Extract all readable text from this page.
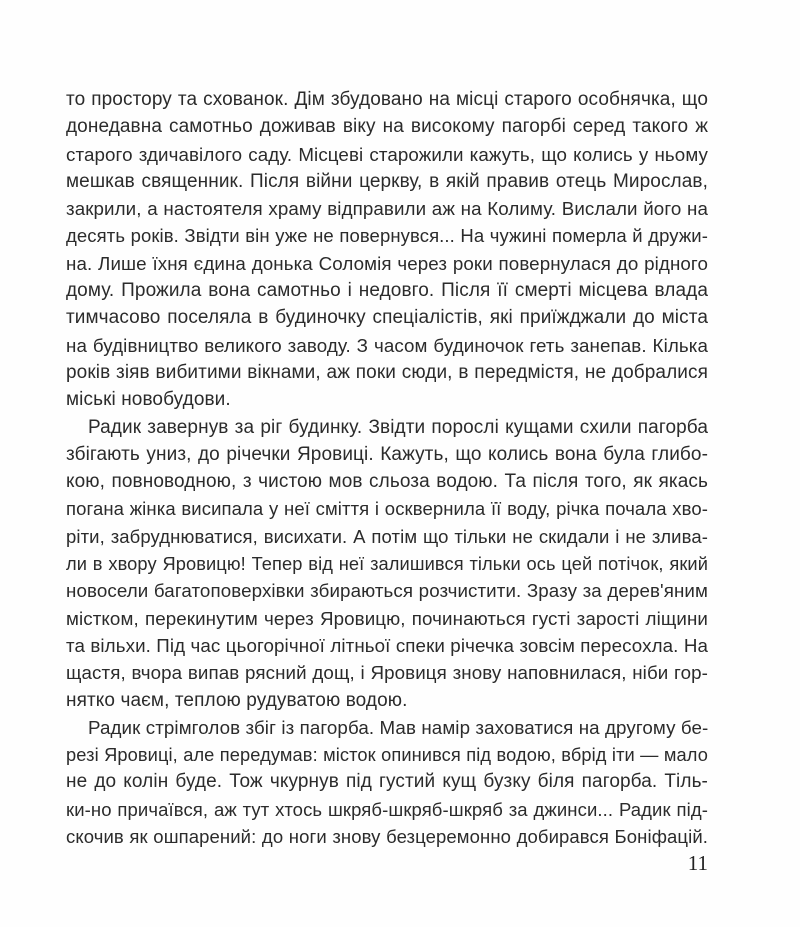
то простору та схованок. Дім збудовано на місці старого особнячка, що
донедавна самотньо доживав віку на високому пагорбі серед такого ж
старого здичавілого саду. Місцеві старожили кажуть, що колись у ньому
мешкав священник. Після війни церкву, в якій правив отець Мирослав,
закрили, а настоятеля храму відправили аж на Колиму. Вислали його на
десять років. Звідти він уже не повернувся... На чужині померла й дружи-
на. Лише їхня єдина донька Соломія через роки повернулася до рідного
дому. Прожила вона самотньо і недовго. Після її смерті місцева влада
тимчасово поселяла в будиночку спеціалістів, які приїжджали до міста
на будівництво великого заводу. З часом будиночок геть занепав. Кілька
років зіяв вибитими вікнами, аж поки сюди, в передмістя, не добралися
міські новобудови.
Радик завернув за ріг будинку. Звідти порослі кущами схили пагорба
збігають униз, до річечки Яровиці. Кажуть, що колись вона була глибо-
кою, повноводною, з чистою мов сльоза водою. Та після того, як якась
погана жінка висипала у неї сміття і осквернила її воду, річка почала хво-
ріти, забруднюватися, висихати. А потім що тільки не скидали і не злива-
ли в хвору Яровицю! Тепер від неї залишився тільки ось цей потічок, який
новосели багатоповерхівки збираються розчистити. Зразу за дерев'яним
містком, перекинутим через Яровицю, починаються густі зарості ліщини
та вільхи. Під час цьогорічної літньої спеки річечка зовсім пересохла. На
щастя, вчора випав рясний дощ, і Яровиця знову наповнилася, ніби гор-
нятко чаєм, теплою рудуватою водою.
Радик стрімголов збіг із пагорба. Мав намір заховатися на другому бе-
резі Яровиці, але передумав: місток опинився під водою, вбрід іти — мало
не до колін буде. Тож чкурнув під густий кущ бузку біля пагорба. Тіль-
ки-но причаївся, аж тут хтось шкряб-шкряб-шкряб за джинси... Радик під-
скочив як ошпарений: до ноги знову безцеремонно добирався Боніфацій.
11
